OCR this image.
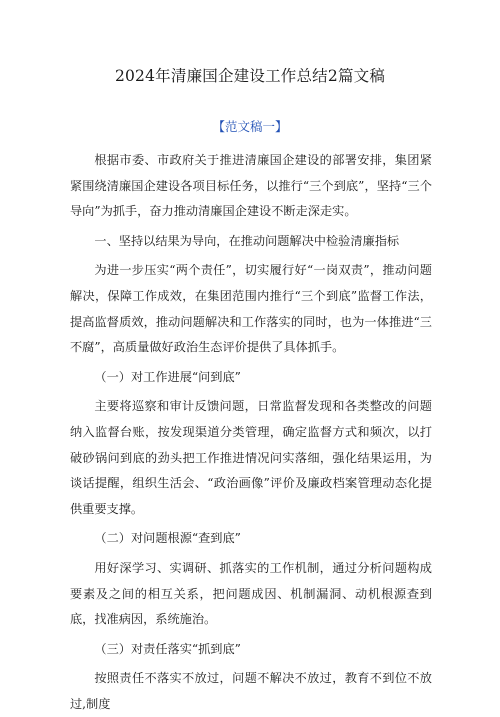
2024年清廉国企建设工作总结2篇文稿
【范文稿一】

根据市委、市政府关于推进清廉国企建设的部署安排，集团紧紧围绕清廉国企建设各项目标任务，以推行“三个到底”，坚持“三个导向”为抓手，奋力推动清廉国企建设不断走深走实。

一、坚持以结果为导向，在推动问题解决中检验清廉指标

为进一步压实“两个责任”，切实履行好“一岗双责”，推动问题解决，保障工作成效，在集团范围内推行“三个到底”监督工作法，提高监督质效，推动问题解决和工作落实的同时，也为一体推进“三不腐”，高质量做好政治生态评价提供了具体抓手。

（一）对工作进展“问到底”

主要将巡察和审计反馈问题，日常监督发现和各类整改的问题纳入监督台账，按发现渠道分类管理，确定监督方式和频次，以打破砂锅问到底的劲头把工作推进情况问实落细，强化结果运用，为谈话提醒，组织生活会、“政治画像”评价及廉政档案管理动态化提供重要支撑。

（二）对问题根源“查到底”

用好深学习、实调研、抓落实的工作机制，通过分析问题构成要素及之间的相互关系，把问题成因、机制漏洞、动机根源查到底，找准病因，系统施治。

（三）对责任落实“抓到底”

按照责任不落实不放过，问题不解决不放过，教育不到位不放过,制度
